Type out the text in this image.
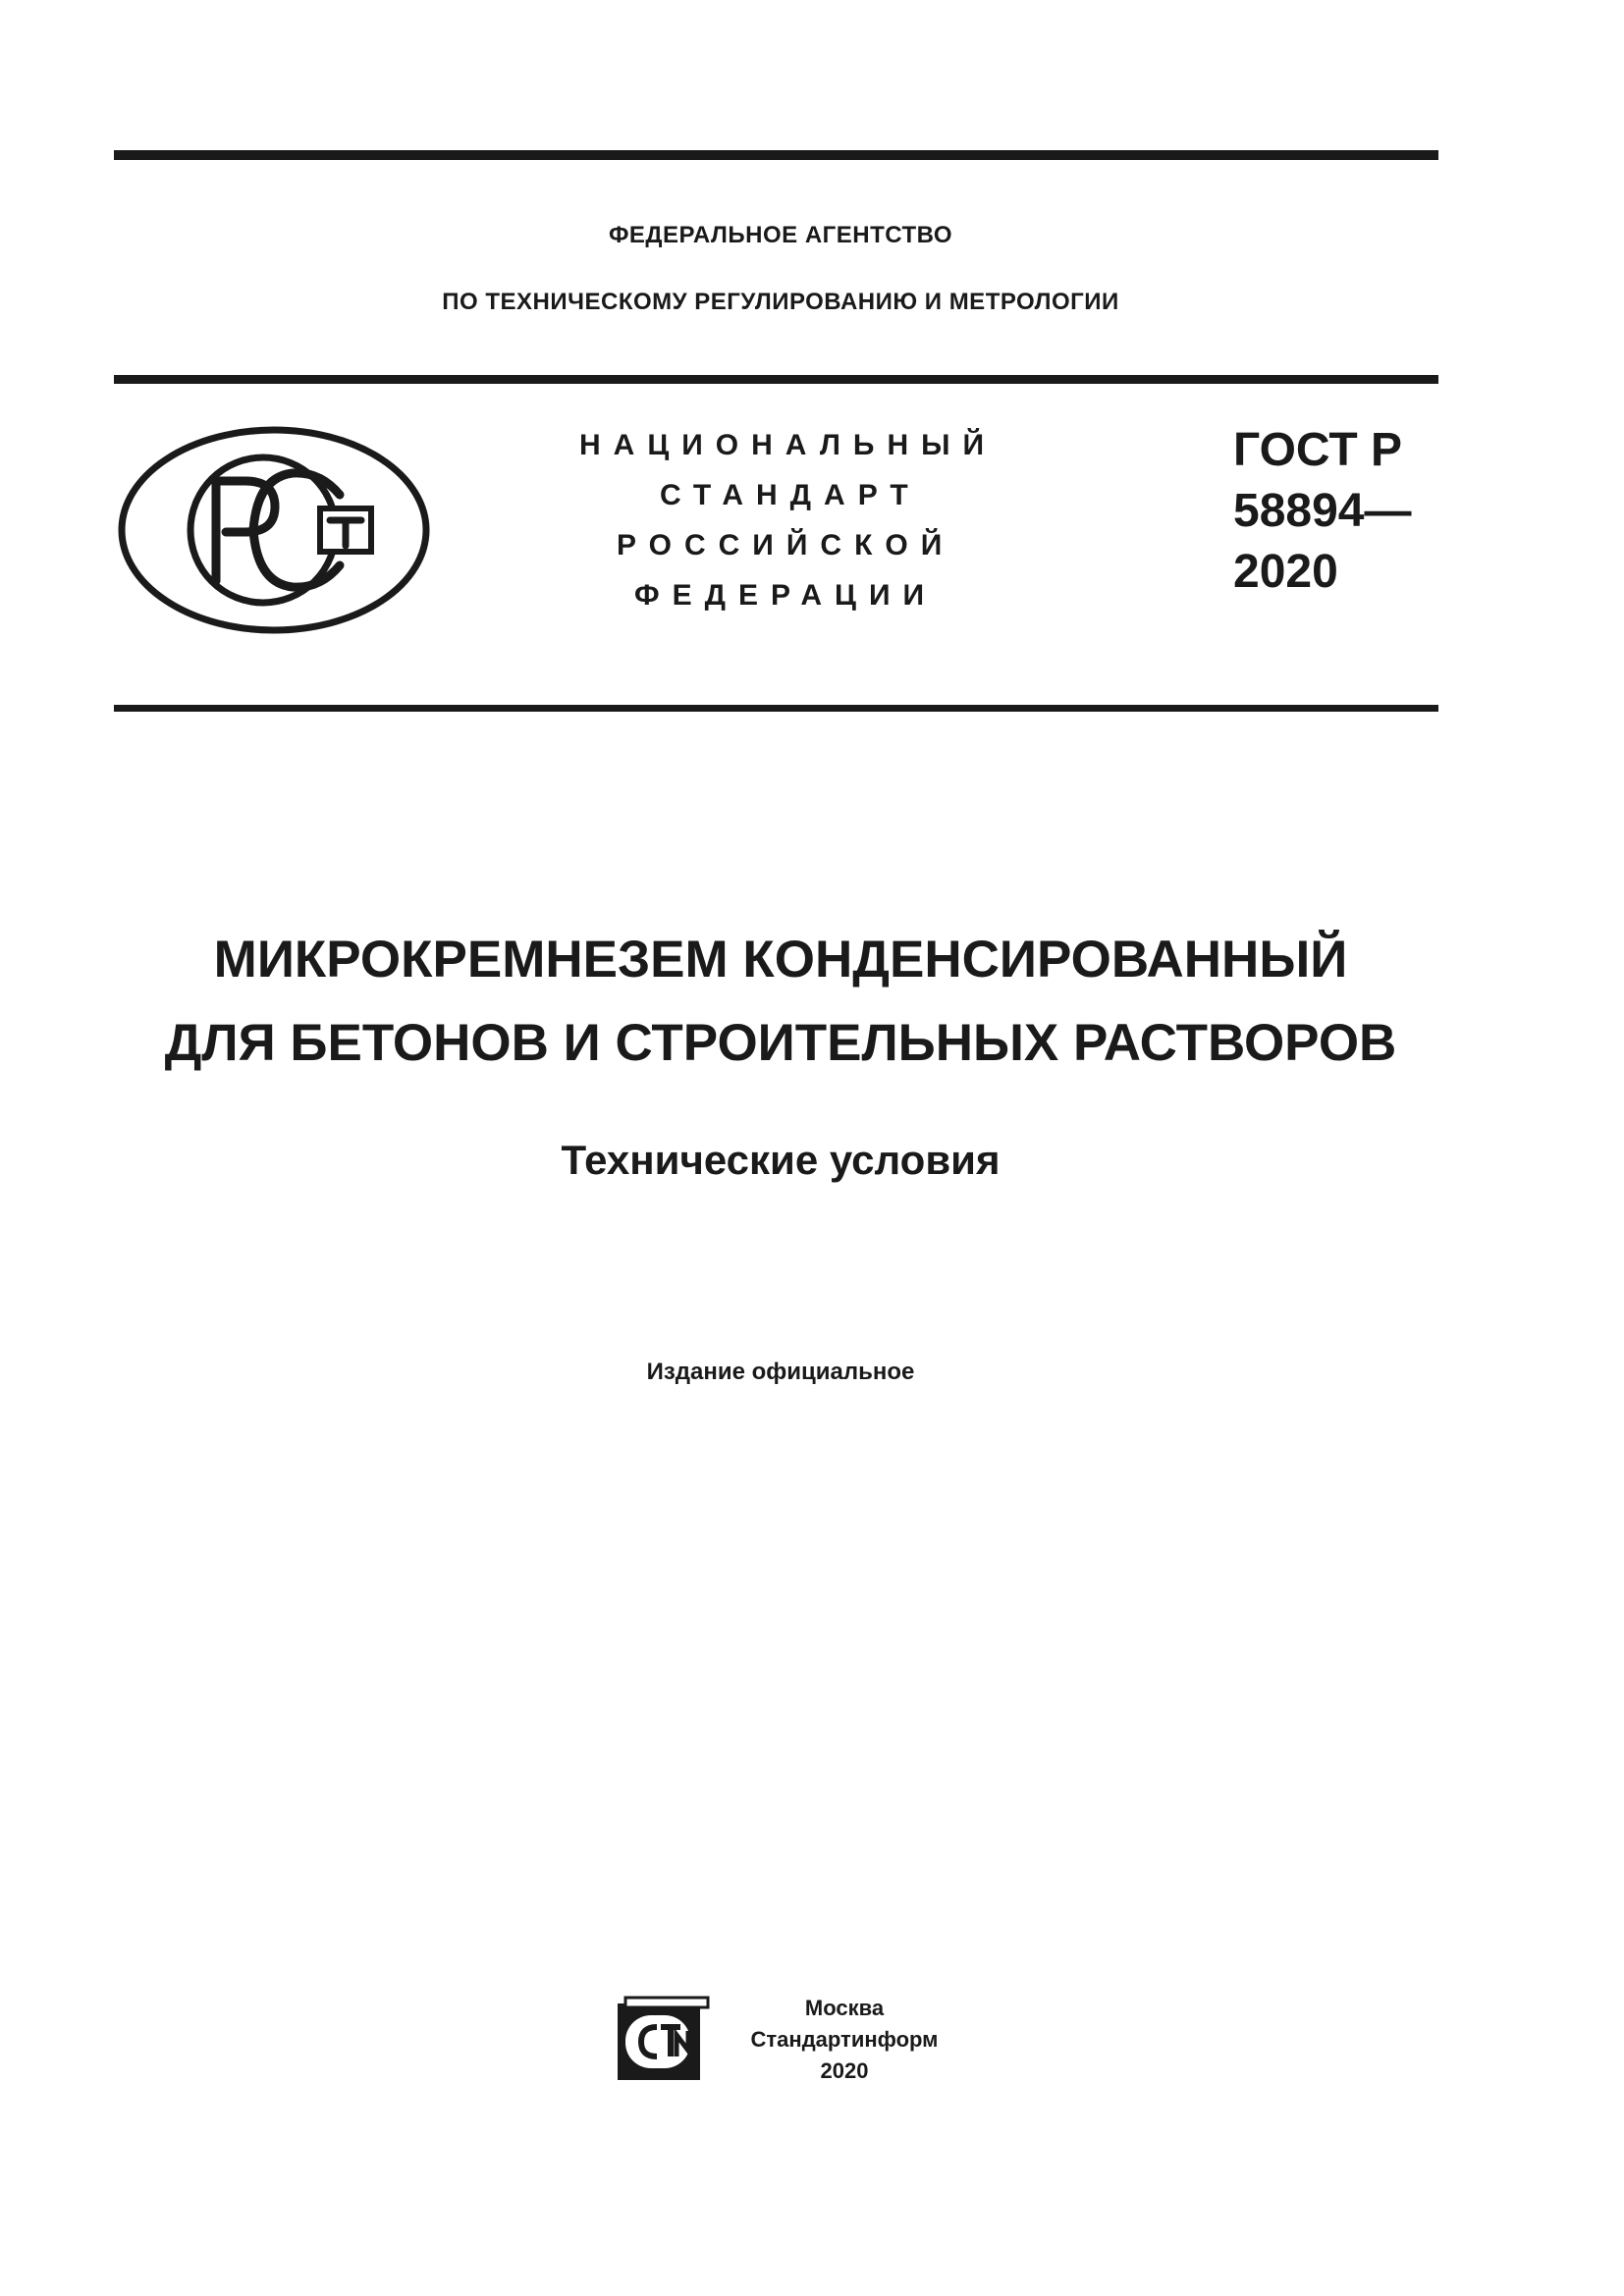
ФЕДЕРАЛЬНОЕ АГЕНТСТВО
ПО ТЕХНИЧЕСКОМУ РЕГУЛИРОВАНИЮ И МЕТРОЛОГИИ
НАЦИОНАЛЬНЫЙ
СТАНДАРТ
РОССИЙСКОЙ
ФЕДЕРАЦИИ
ГОСТ Р
58894—
2020
МИКРОКРЕМНЕЗЕМ КОНДЕНСИРОВАННЫЙ
ДЛЯ БЕТОНОВ И СТРОИТЕЛЬНЫХ РАСТВОРОВ
Технические условия
Издание официальное
Москва
Стандартинформ
2020
